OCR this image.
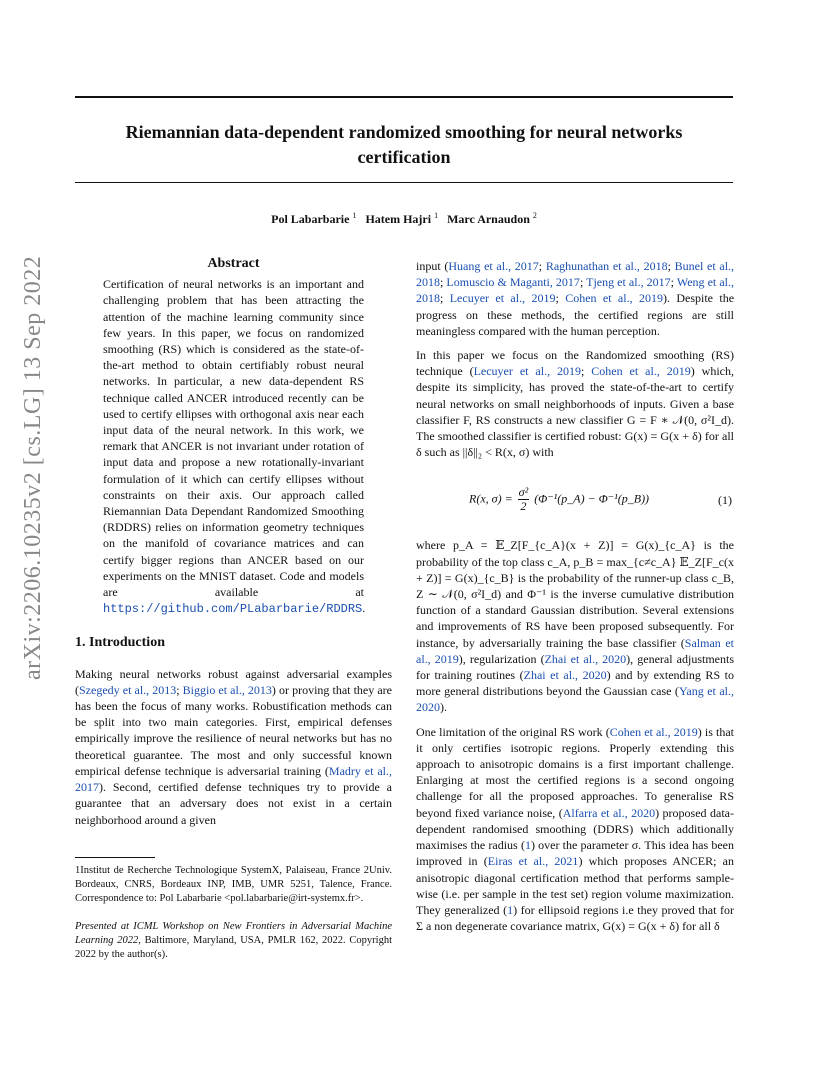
Riemannian data-dependent randomized smoothing for neural networks
certification
Pol Labarbarie $^1$ Hatem Hajri $^1$ Marc Arnaudon $^2$
arXiv:2206.10235v2 [cs.LG] 13 Sep 2022	Abstract
Certification of neural networks is an important and challenging problem that has been attracting the attention of the machine learning community since few years. In this paper, we focus on randomized smoothing (RS) which is considered as the state-of-the-art method to obtain certifiably robust neural networks. In particular, a new data-dependent RS technique called ANCER introduced recently can be used to certify ellipses with orthogonal axis near each input data of the neural network. In this work, we remark that ANCER is not invariant under rotation of input data and propose a new rotationally-invariant formulation of it which can certify ellipses without constraints on their axis. Our approach called Riemannian Data Dependant Randomized Smoothing (RDDRS) relies on information geometry techniques on the manifold of covariance matrices and can certify bigger regions than ANCER based on our experiments on the MNIST dataset. Code and models are available at https://github.com/PLabarbarie/RDDRS.
1. Introduction

Making neural networks robust against adversarial examples (Szegedy et al., 2013; Biggio et al., 2013) or proving that they are has been the focus of many works. Robustification methods can be split into two main categories. First, empirical defenses empirically improve the resilience of neural networks but has no theoretical guarantee. The most and only successful known empirical defense technique is adversarial training (Madry et al., 2017). Second, certified defense techniques try to provide a guarantee that an adversary does not exist in a certain neighborhood around a given

1Institut de Recherche Technologique SystemX, Palaiseau, France 2Univ. Bordeaux, CNRS, Bordeaux INP, IMB, UMR 5251, Talence, France. Correspondence to: Pol Labarbarie <pol.labarbarie@irt-systemx.fr>.
Presented at ICML Workshop on New Frontiers in Adversarial Machine Learning 2022, Baltimore, Maryland, USA, PMLR 162, 2022. Copyright 2022 by the author(s).

input (Huang et al., 2017; Raghunathan et al., 2018; Bunel et al., 2018; Lomuscio & Maganti, 2017; Tjeng et al., 2017; Weng et al., 2018; Lecuyer et al., 2019; Cohen et al., 2019). Despite the progress on these methods, the certified regions are still meaningless compared with the human perception.

In this paper we focus on the Randomized smoothing (RS) technique (Lecuyer et al., 2019; Cohen et al., 2019) which, despite its simplicity, has proved the state-of-the-art to certify neural networks on small neighborhoods of inputs. Given a base classifier F, RS constructs a new classifier G = F ∗ 𝒩(0, σ²I_d). The smoothed classifier is certified robust: G(x) = G(x + δ) for all δ such as ||δ||₂ < R(x, σ) with

R(x, $\sigma) = \frac{\text{σ²}}{2}$ (Φ⁻¹(p_A) − Φ⁻¹(p_B))	(1)

where p_A = 𝔼_Z[F_{c_A}(x + Z)] = G(x)_{c_A} is the probability of the top class c_A, p_B = max_{c≠c_A} 𝔼_Z[F_c(x + Z)] = G(x)_{c_B} is the probability of the runner-up class c_B, Z ∼ 𝒩(0, σ²I_d) and Φ⁻¹ is the inverse cumulative distribution function of a standard Gaussian distribution. Several extensions and improvements of RS have been proposed subsequently. For instance, by adversarially training the base classifier (Salman et al., 2019), regularization (Zhai et al., 2020), general adjustments for training routines (Zhai et al., 2020) and by extending RS to more general distributions beyond the Gaussian case (Yang et al., 2020).

One limitation of the original RS work (Cohen et al., 2019) is that it only certifies isotropic regions. Properly extending this approach to anisotropic domains is a first important challenge. Enlarging at most the certified regions is a second ongoing challenge for all the proposed approaches. To generalise RS beyond fixed variance noise, (Alfarra et al., 2020) proposed data-dependent randomised smoothing (DDRS) which additionally maximises the radius (1) over the parameter σ. This idea has been improved in (Eiras et al., 2021) which proposes ANCER; an anisotropic diagonal certification method that performs sample-wise (i.e. per sample in the test set) region volume maximization. They generalized (1) for ellipsoid regions i.e they proved that for Σ a non degenerate covariance matrix, G(x) = G(x + δ) for all δ
